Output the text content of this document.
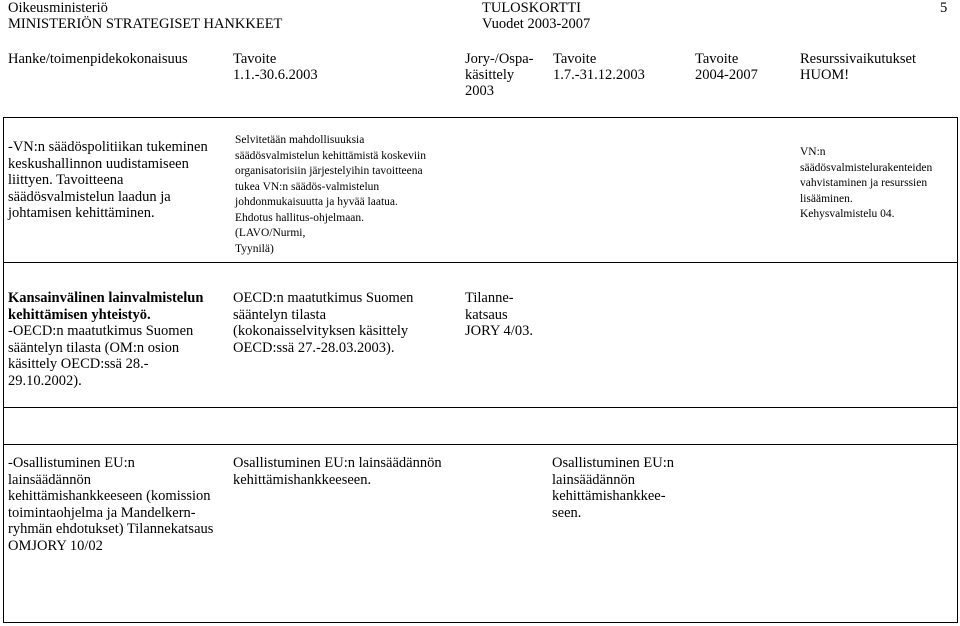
Oikeusministeriö
MINISTERIÖN STRATEGISET HANKKEET
TULOSKORTTI
Vuodet 2003-2007
5
Hanke/toimenpidekokonaisuus	Tavoite
1.1.-30.6.2003
Jory-/Ospa-
käsittely
2003
Tavoite
1.7.-31.12.2003
Tavoite
2004-2007
Resurssivaikutukset
HUOM!
-VN:n säädöspolitiikan tukeminen
keskushallinnon uudistamiseen
liittyen. Tavoitteena
säädösvalmistelun laadun ja
johtamisen kehittäminen.
Selvitetään mahdollisuuksia
säädösvalmistelun kehittämistä koskeviin
organisatorisiin järjestelyihin tavoitteena
tukea VN:n säädös-valmistelun
johdonmukaisuutta ja hyvää laatua.
Ehdotus hallitus-ohjelmaan.
(LAVO/Nurmi,
Tyynilä)
VN:n
säädösvalmistelurakenteiden
vahvistaminen ja resurssien
lisääminen.
Kehysvalmistelu 04.
Kansainvälinen lainvalmistelun
kehittämisen yhteistyö.
-OECD:n maatutkimus Suomen
sääntelyn tilasta (OM:n osion
käsittely OECD:ssä 28.-
29.10.2002).
OECD:n maatutkimus Suomen
sääntelyn tilasta
(kokonaisselvityksen käsittely
OECD:ssä 27.-28.03.2003).
Tilanne-
katsaus
JORY 4/03.
-Osallistuminen EU:n
lainsäädännön
kehittämishankkeeseen (komission
toimintaohjelma ja Mandelkern-
ryhmän ehdotukset) Tilannekatsaus
OMJORY 10/02
Osallistuminen EU:n lainsäädännön
kehittämishankkeeseen.
Osallistuminen EU:n
lainsäädännön
kehittämishankkee-
seen.
